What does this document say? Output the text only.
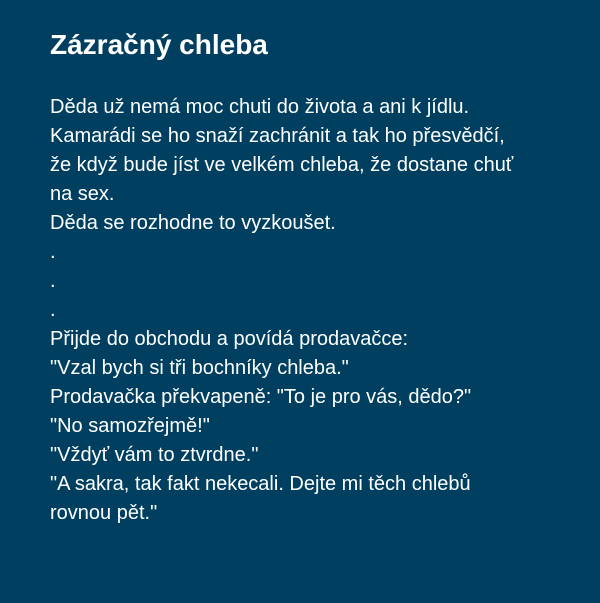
Zázračný chleba
Děda už nemá moc chuti do života a ani k jídlu.
Kamarádi se ho snaží zachránit a tak ho přesvědčí,
že když bude jíst ve velkém chleba, že dostane chuť
na sex.
Děda se rozhodne to vyzkoušet.
.
.
.
Přijde do obchodu a povídá prodavačce:
"Vzal bych si tři bochníky chleba."
Prodavačka překvapeně: "To je pro vás, dědo?"
"No samozřejmě!"
"Vždyť vám to ztvrdne."
"A sakra, tak fakt nekecali. Dejte mi těch chlebů
rovnou pět."
